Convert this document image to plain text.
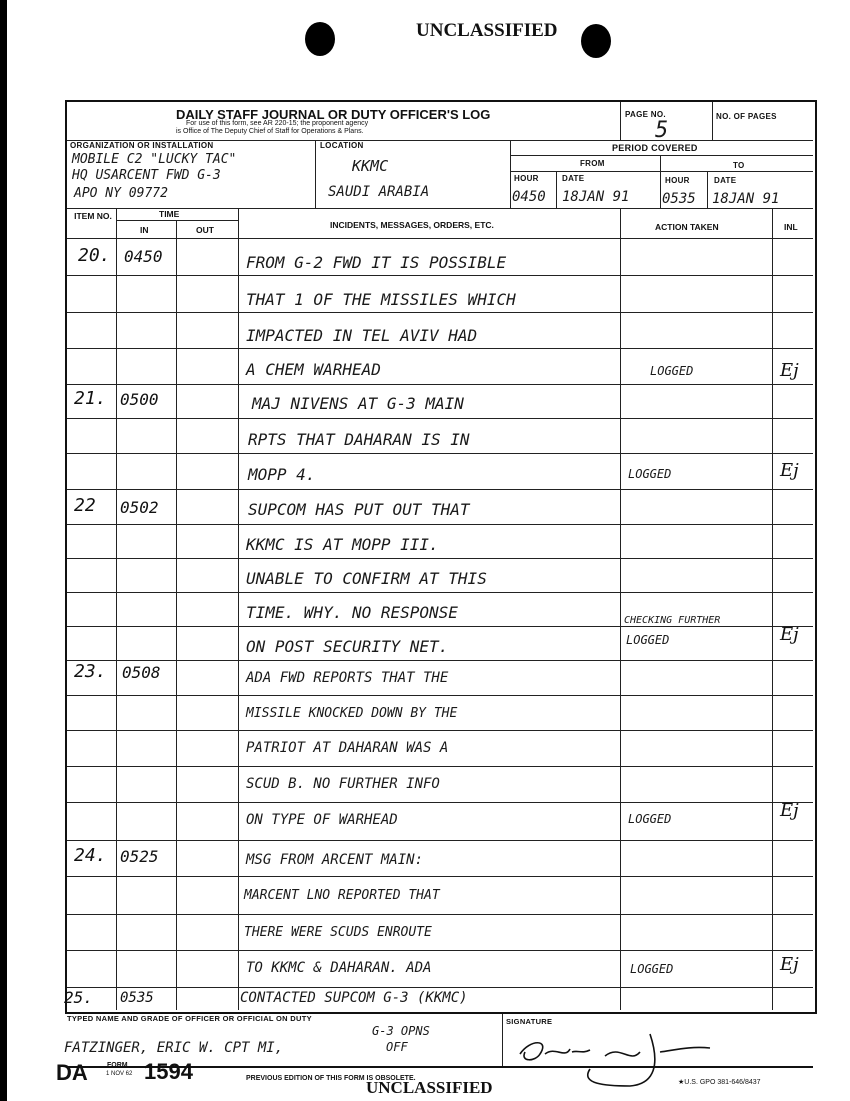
UNCLASSIFIED
DAILY STAFF JOURNAL OR DUTY OFFICER'S LOG
For use of this form, see AR 220-15; the proponent agency
is Office of The Deputy Chief of Staff for Operations & Plans.
PAGE NO.
5
NO. OF PAGES
ORGANIZATION OR INSTALLATION
MOBILE C2 "LUCKY TAC"
HQ USARCENT FWD G-3
APO NY 09772
LOCATION
KKMC
SAUDI ARABIA
PERIOD COVERED
FROM	TO
HOUR	DATE	HOUR	DATE
0450 18JAN 91 0535 18JAN 91
ITEM NO.	TIME
IN	OUT	INCIDENTS, MESSAGES, ORDERS, ETC.	ACTION TAKEN	INL
20. 0450	FROM G-2 FWD IT IS POSSIBLE
THAT 1 OF THE MISSILES WHICH
IMPACTED IN TEL AVIV HAD
A CHEM WARHEAD	LOGGED	Ej
21. 0500	MAJ NIVENS AT G-3 MAIN
RPTS THAT DAHARAN IS IN
MOPP 4.	LOGGED	Ej
22 0502	SUPCOM HAS PUT OUT THAT
KKMC IS AT MOPP III.
UNABLE TO CONFIRM AT THIS
TIME. WHY. NO RESPONSE
ON POST SECURITY NET.
CHECKING FURTHER
LOGGED	Ej
23. 0508	ADA FWD REPORTS THAT THE
MISSILE KNOCKED DOWN BY THE
PATRIOT AT DAHARAN WAS A
SCUD B. NO FURTHER INFO
ON TYPE OF WARHEAD	LOGGED	Ej
24. 0525	MSG FROM ARCENT MAIN:
MARCENT LNO REPORTED THAT
THERE WERE SCUDS ENROUTE
TO KKMC & DAHARAN. ADA	LOGGED	Ej
25. 0535	CONTACTED SUPCOM G-3 (KKMC)
TYPED NAME AND GRADE OF OFFICER OR OFFICIAL ON DUTY	SIGNATURE
FATZINGER, ERIC W. CPT MI,
G-3 OPNS
OFF
DA	FORM
1 NOV 62 1594	PREVIOUS EDITION OF THIS FORM IS OBSOLETE.
UNCLASSIFIED	★U.S. GPO 381-646/8437
